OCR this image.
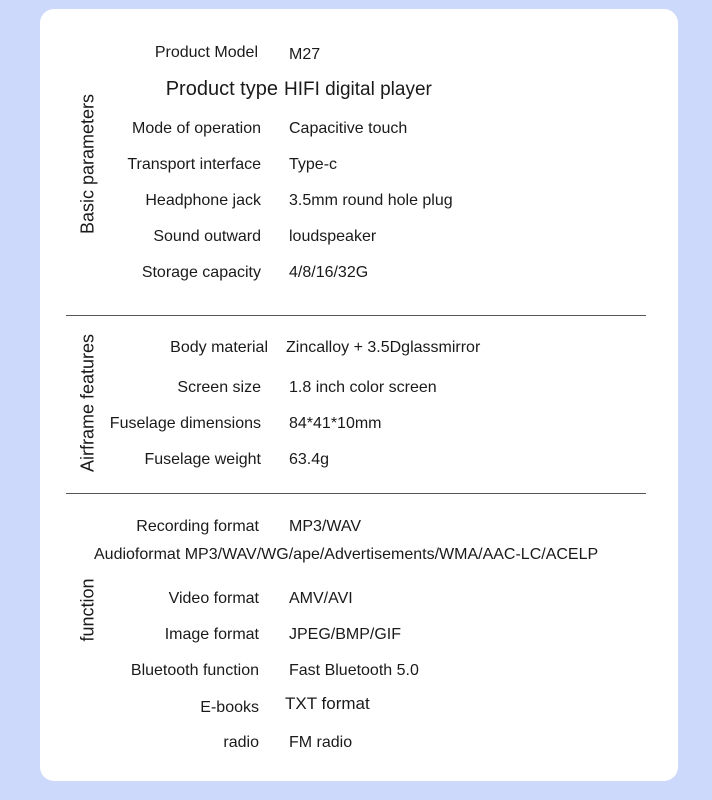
Basic parameters
Product Model M27
Product type HIFI digital player
Mode of operation Capacitive touch
Transport interface Type-c
Headphone jack 3.5mm round hole plug
Sound outward loudspeaker
Storage capacity 4/8/16/32G
Airframe features	Body material Zincalloy + 3.5Dglassmirror
Screen size 1.8 inch color screen
Fuselage dimensions 84*41*10mm
Fuselage weight 63.4g
function
Recording format MP3/WAV
Audioformat MP3/WAV/WG/ape/Advertisements/WMA/AAC-LC/ACELP
Video format AMV/AVI
Image format JPEG/BMP/GIF
Bluetooth function Fast Bluetooth 5.0
E-books TXT format
radio FM radio
